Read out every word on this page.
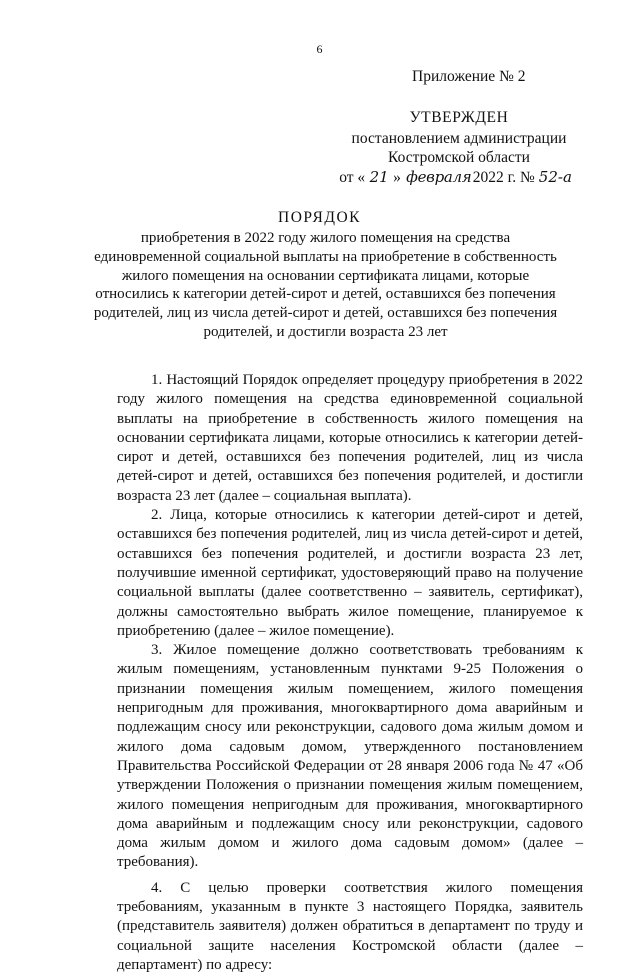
6
Приложение № 2
УТВЕРЖДЕН
постановлением администрации
Костромской области
от « 21 » февраля2022 г. № 52-а
ПОРЯДОК
приобретения в 2022 году жилого помещения на средства
единовременной социальной выплаты на приобретение в собственность
жилого помещения на основании сертификата лицами, которые
относились к категории детей-сирот и детей, оставшихся без попечения
родителей, лиц из числа детей-сирот и детей, оставшихся без попечения
родителей, и достигли возраста 23 лет

1. Настоящий Порядок определяет процедуру приобретения в 2022 году жилого помещения на средства единовременной социальной выплаты на приобретение в собственность жилого помещения на основании сертификата лицами, которые относились к категории детей-сирот и детей, оставшихся без попечения родителей, лиц из числа детей-сирот и детей, оставшихся без попечения родителей, и достигли возраста 23 лет (далее – социальная выплата).

2. Лица, которые относились к категории детей-сирот и детей, оставшихся без попечения родителей, лиц из числа детей-сирот и детей, оставшихся без попечения родителей, и достигли возраста 23 лет, получившие именной сертификат, удостоверяющий право на получение социальной выплаты (далее соответственно – заявитель, сертификат), должны самостоятельно выбрать жилое помещение, планируемое к приобретению (далее – жилое помещение).

3. Жилое помещение должно соответствовать требованиям к жилым помещениям, установленным пунктами 9-25 Положения о признании помещения жилым помещением, жилого помещения непригодным для проживания, многоквартирного дома аварийным и подлежащим сносу или реконструкции, садового дома жилым домом и жилого дома садовым домом, утвержденного постановлением Правительства Российской Федерации от 28 января 2006 года № 47 «Об утверждении Положения о признании помещения жилым помещением, жилого помещения непригодным для проживания, многоквартирного дома аварийным и подлежащим сносу или реконструкции, садового дома жилым домом и жилого дома садовым домом» (далее – требования).

4. С целью проверки соответствия жилого помещения требованиям, указанным в пункте 3 настоящего Порядка, заявитель (представитель заявителя) должен обратиться в департамент по труду и социальной защите населения Костромской области (далее – департамент) по адресу:
